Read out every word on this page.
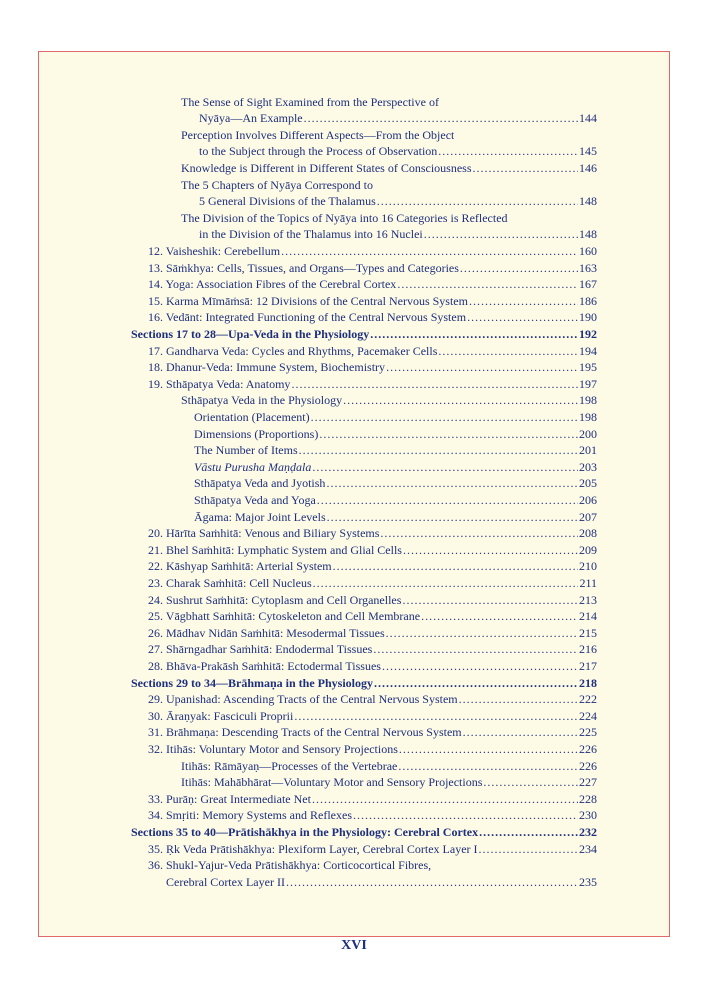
The Sense of Sight Examined from the Perspective of
Nyāya—An Example .....	144
Perception Involves Different Aspects—From the Object
to the Subject through the Process of Observation .....	145
Knowledge is Different in Different States of Consciousness .....	146
The 5 Chapters of Nyāya Correspond to
5 General Divisions of the Thalamus .....	148
The Division of the Topics of Nyāya into 16 Categories is Reflected
in the Division of the Thalamus into 16 Nuclei .....	148
12. Vaisheshik: Cerebellum .....	160
13. Sāṁkhya: Cells, Tissues, and Organs—Types and Categories .....	163
14. Yoga: Association Fibres of the Cerebral Cortex .....	167
15. Karma Mīmāṁsā: 12 Divisions of the Central Nervous System .....	186
16. Vedānt: Integrated Functioning of the Central Nervous System .....	190
Sections 17 to 28—Upa-Veda in the Physiology .....	192
17. Gandharva Veda: Cycles and Rhythms, Pacemaker Cells .....	194
18. Dhanur-Veda: Immune System, Biochemistry .....	195
19. Sthāpatya Veda: Anatomy .....	197
Sthāpatya Veda in the Physiology .....	198
Orientation (Placement) .....	198
Dimensions (Proportions) .....	200
The Number of Items .....	201
Vāstu Purusha Maṇḍala .....	203
Sthāpatya Veda and Jyotish .....	205
Sthāpatya Veda and Yoga .....	206
Āgama: Major Joint Levels .....	207
20. Hārīta Saṁhitā: Venous and Biliary Systems .....	208
21. Bhel Saṁhitā: Lymphatic System and Glial Cells .....	209
22. Kāshyap Saṁhitā: Arterial System .....	210
23. Charak Saṁhitā: Cell Nucleus .....	211
24. Sushrut Saṁhitā: Cytoplasm and Cell Organelles .....	213
25. Vāgbhatt Saṁhitā: Cytoskeleton and Cell Membrane .....	214
26. Mādhav Nidān Saṁhitā: Mesodermal Tissues .....	215
27. Shārngadhar Saṁhitā: Endodermal Tissues .....	216
28. Bhāva-Prakāsh Saṁhitā: Ectodermal Tissues .....	217
Sections 29 to 34—Brāhmaṇa in the Physiology .....	218
29. Upanishad: Ascending Tracts of the Central Nervous System .....	222
30. Āraṇyak: Fasciculi Proprii .....	224
31. Brāhmaṇa: Descending Tracts of the Central Nervous System .....	225
32. Itihās: Voluntary Motor and Sensory Projections .....	226
Itihās: Rāmāyaṇ—Processes of the Vertebrae .....	226
Itihās: Mahābhārat—Voluntary Motor and Sensory Projections .....	227
33. Purāṇ: Great Intermediate Net .....	228
34. Smṛiti: Memory Systems and Reflexes .....	230
Sections 35 to 40—Prātishākhya in the Physiology: Cerebral Cortex .....	232
35. Ṛk Veda Prātishākhya: Plexiform Layer, Cerebral Cortex Layer I .....	234
36. Shukl-Yajur-Veda Prātishākhya: Corticocortical Fibres,
Cerebral Cortex Layer II .....	235
XVI
